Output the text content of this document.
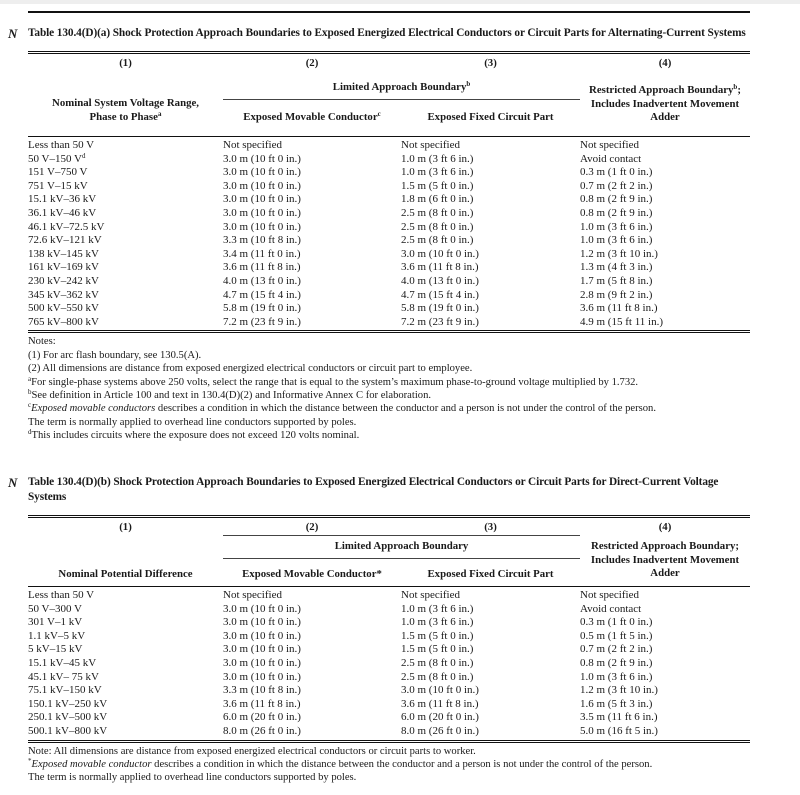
N Table 130.4(D)(a) Shock Protection Approach Boundaries to Exposed Energized Electrical Conductors or Circuit Parts for Alternating-Current Systems
(1)	(2)	(3)	(4)
Limited Approach Boundary$^b$
Nominal System Voltage Range,
Phase to Phase$^a$	Exposed Movable Conductor$^c$	Exposed Fixed Circuit Part
Restricted Approach Boundary$^b$; Includes Inadvertent Movement
Adder
Less than 50 V	Not specified	Not specified	Not specified
50 V–150 $V^d$	3.0 m (10 ft 0 in.)	1.0 m (3 ft 6 in.)	Avoid contact
151 V–750 V	3.0 m (10 ft 0 in.)	1.0 m (3 ft 6 in.)	0.3 m (1 ft 0 in.)
751 V–15 kV	3.0 m (10 ft 0 in.)	1.5 m (5 ft 0 in.)	0.7 m (2 ft 2 in.)
15.1 kV–36 kV	3.0 m (10 ft 0 in.)	1.8 m (6 ft 0 in.)	0.8 m (2 ft 9 in.)
36.1 kV–46 kV	3.0 m (10 ft 0 in.)	2.5 m (8 ft 0 in.)	0.8 m (2 ft 9 in.)
46.1 kV–72.5 kV	3.0 m (10 ft 0 in.)	2.5 m (8 ft 0 in.)	1.0 m (3 ft 6 in.)
72.6 kV–121 kV	3.3 m (10 ft 8 in.)	2.5 m (8 ft 0 in.)	1.0 m (3 ft 6 in.)
138 kV–145 kV	3.4 m (11 ft 0 in.)	3.0 m (10 ft 0 in.)	1.2 m (3 ft 10 in.)
161 kV–169 kV	3.6 m (11 ft 8 in.)	3.6 m (11 ft 8 in.)	1.3 m (4 ft 3 in.)
230 kV–242 kV	4.0 m (13 ft 0 in.)	4.0 m (13 ft 0 in.)	1.7 m (5 ft 8 in.)
345 kV–362 kV	4.7 m (15 ft 4 in.)	4.7 m (15 ft 4 in.)	2.8 m (9 ft 2 in.)
500 kV–550 kV	5.8 m (19 ft 0 in.)	5.8 m (19 ft 0 in.)	3.6 m (11 ft 8 in.)
765 kV–800 kV	7.2 m (23 ft 9 in.)	7.2 m (23 ft 9 in.)	4.9 m (15 ft 11 in.)
Notes:
(1) For arc flash boundary, see 130.5(A).
(2) All dimensions are distance from exposed energized electrical conductors or circuit part to employee.
$^a$For single-phase systems above 250 volts, select the range that is equal to the system’s maximum phase-to-ground voltage multiplied by 1.732.
$^b$See definition in Article 100 and text in 130.4(D)(2) and Informative Annex C for elaboration.
$^c$Exposed movable conductors describes a condition in which the distance between the conductor and a person is not under the control of the person.
The term is normally applied to overhead line conductors supported by poles.
$^d$This includes circuits where the exposure does not exceed 120 volts nominal.
N Table 130.4(D)(b) Shock Protection Approach Boundaries to Exposed Energized Electrical Conductors or Circuit Parts for Direct-Current Voltage Systems
(1)	(2)	(3)	(4)
Limited Approach Boundary
Nominal Potential Difference	Exposed Movable Conductor*	Exposed Fixed Circuit Part
Restricted Approach Boundary;
Includes Inadvertent Movement
Adder
Less than 50 V	Not specified	Not specified	Not specified
50 V–300 V	3.0 m (10 ft 0 in.)	1.0 m (3 ft 6 in.)	Avoid contact
301 V–1 kV	3.0 m (10 ft 0 in.)	1.0 m (3 ft 6 in.)	0.3 m (1 ft 0 in.)
1.1 kV–5 kV	3.0 m (10 ft 0 in.)	1.5 m (5 ft 0 in.)	0.5 m (1 ft 5 in.)
5 kV–15 kV	3.0 m (10 ft 0 in.)	1.5 m (5 ft 0 in.)	0.7 m (2 ft 2 in.)
15.1 kV–45 kV	3.0 m (10 ft 0 in.)	2.5 m (8 ft 0 in.)	0.8 m (2 ft 9 in.)
45.1 kV– 75 kV	3.0 m (10 ft 0 in.)	2.5 m (8 ft 0 in.)	1.0 m (3 ft 6 in.)
75.1 kV–150 kV	3.3 m (10 ft 8 in.)	3.0 m (10 ft 0 in.)	1.2 m (3 ft 10 in.)
150.1 kV–250 kV	3.6 m (11 ft 8 in.)	3.6 m (11 ft 8 in.)	1.6 m (5 ft 3 in.)
250.1 kV–500 kV	6.0 m (20 ft 0 in.)	6.0 m (20 ft 0 in.)	3.5 m (11 ft 6 in.)
500.1 kV–800 kV	8.0 m (26 ft 0 in.)	8.0 m (26 ft 0 in.)	5.0 m (16 ft 5 in.)
Note: All dimensions are distance from exposed energized electrical conductors or circuit parts to worker.
*Exposed movable conductor describes a condition in which the distance between the conductor and a person is not under the control of the person.
The term is normally applied to overhead line conductors supported by poles.
